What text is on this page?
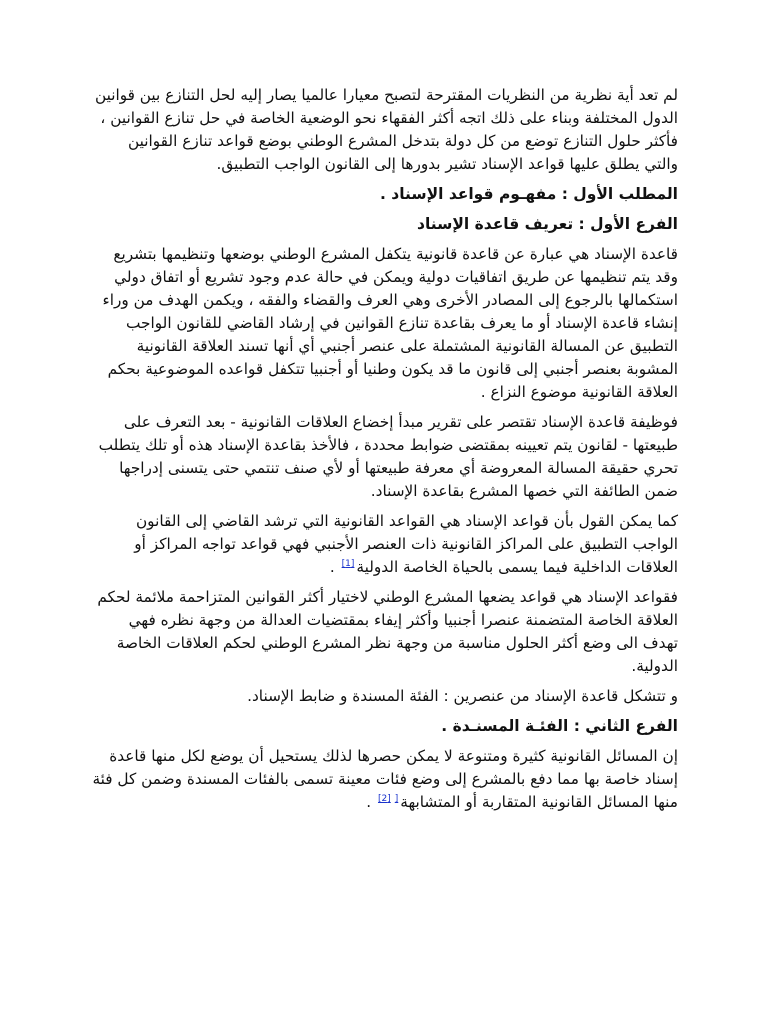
لم تعد أية نظرية من النظريات المقترحة لتصبح معيارا عالميا يصار إليه لحل التنازع بين قوانين الدول المختلفة وبناء على ذلك اتجه أكثر الفقهاء نحو الوضعية الخاصة في حل تنازع القوانين ، فأكثر حلول التنازع توضع من كل دولة بتدخل المشرع الوطني بوضع قواعد تنازع القوانين والتي يطلق عليها قواعد الإسناد تشير بدورها إلى القانون الواجب التطبيق.

المطلب الأول : مفهـوم قواعد الإسناد .
الفرع الأول : تعريف قاعدة الإسناد

قاعدة الإسناد هي عبارة عن قاعدة قانونية يتكفل المشرع الوطني بوضعها وتنظيمها بتشريع وقد يتم تنظيمها عن طريق اتفاقيات دولية ويمكن في حالة عدم وجود تشريع أو اتفاق دولي استكمالها بالرجوع إلى المصادر الأخرى وهي العرف والقضاء والفقه ، ويكمن الهدف من وراء إنشاء قاعدة الإسناد أو ما يعرف بقاعدة تنازع القوانين في إرشاد القاضي للقانون الواجب التطبيق عن المسالة القانونية المشتملة على عنصر أجنبي أي أنها تسند العلاقة القانونية المشوبة بعنصر أجنبي إلى قانون ما قد يكون وطنيا أو أجنبيا تتكفل قواعده الموضوعية بحكم العلاقة القانونية موضوع النزاع .

فوظيفة قاعدة الإسناد تقتصر على تقرير مبدأ إخضاع العلاقات القانونية - بعد التعرف على طبيعتها - لقانون يتم تعيينه بمقتضى ضوابط محددة ، فالأخذ بقاعدة الإسناد هذه أو تلك يتطلب تحري حقيقة المسالة المعروضة أي معرفة طبيعتها أو لأي صنف تنتمي حتى يتسنى إدراجها ضمن الطائفة التي خصها المشرع بقاعدة الإسناد.

كما يمكن القول بأن قواعد الإسناد هي القواعد القانونية التي ترشد القاضي إلى القانون الواجب التطبيق على المراكز القانونية ذات العنصر الأجنبي فهي قواعد تواجه المراكز أو العلاقات الداخلية فيما يسمى بالحياة الخاصة الدولية[1] .

فقواعد الإسناد هي قواعد يضعها المشرع الوطني لاختيار أكثر القوانين المتزاحمة ملائمة لحكم العلاقة الخاصة المتضمنة عنصرا أجنبيا وأكثر إيفاء بمقتضيات العدالة من وجهة نظره فهي تهدف الى وضع أكثر الحلول مناسبة من وجهة نظر المشرع الوطني لحكم العلاقات الخاصة الدولية.

و تتشكل قاعدة الإسناد من عنصرين : الفئة المسندة و ضابط الإسناد.

الفرع الثاني : الفئـة المسنـدة .

إن المسائل القانونية كثيرة ومتنوعة لا يمكن حصرها لذلك يستحيل أن يوضع لكل منها قاعدة إسناد خاصة بها مما دفع بالمشرع إلى وضع فئات معينة تسمى بالفئات المسندة وضمن كل فئة منها المسائل القانونية المتقاربة أو المتشابهة[[2] .
